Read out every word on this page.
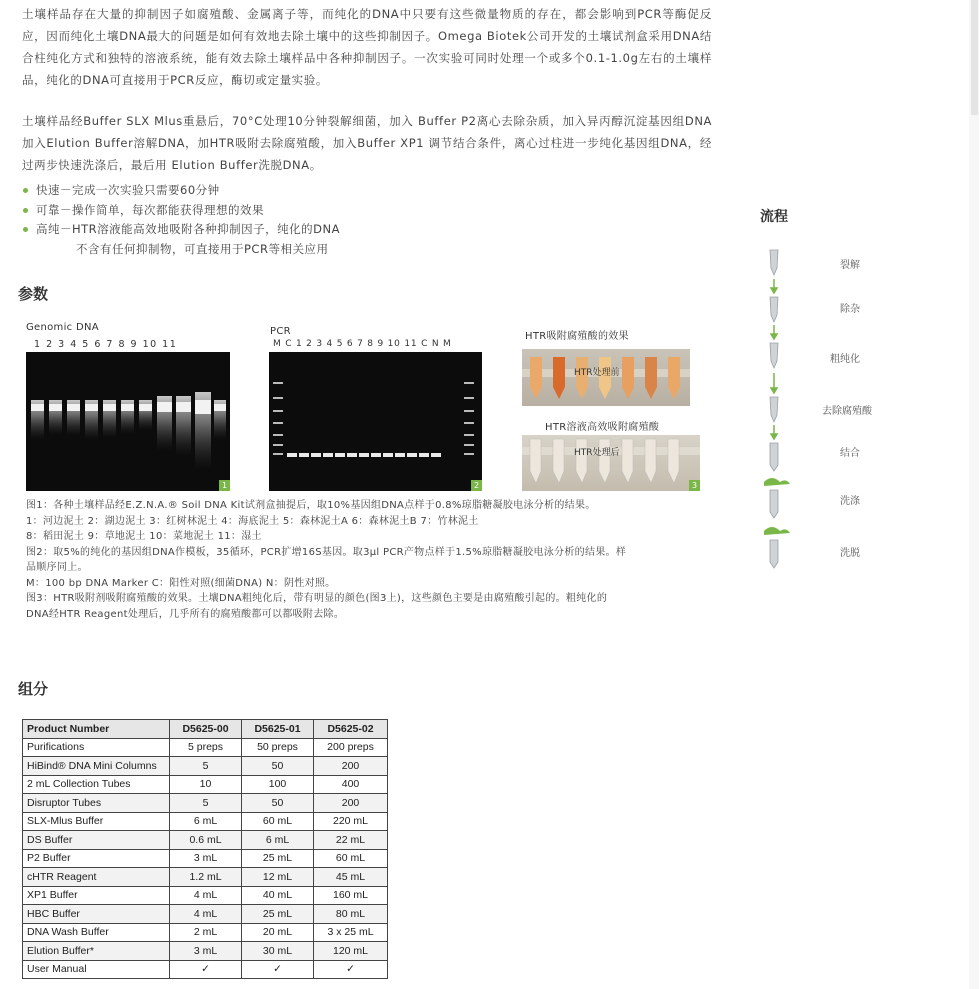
土壤样品存在大量的抑制因子如腐殖酸、金属离子等，而纯化的DNA中只要有这些微量物质的存在，都会影响到PCR等酶促反应，因而纯化土壤DNA最大的问题是如何有效地去除土壤中的这些抑制因子。Omega Biotek公司开发的土壤试剂盒采用DNA结合柱纯化方式和独特的溶液系统，能有效去除土壤样品中各种抑制因子。一次实验可同时处理一个或多个0.1-1.0g左右的土壤样品，纯化的DNA可直接用于PCR反应，酶切或定量实验。

土壤样品经Buffer SLX Mlus重悬后，70°C处理10分钟裂解细菌，加入 Buffer P2离心去除杂质，加入异丙醇沉淀基因组DNA加入Elution Buffer溶解DNA，加HTR吸附去除腐殖酸，加入Buffer XP1 调节结合条件，离心过柱进一步纯化基因组DNA，经过两步快速洗涤后，最后用 Elution Buffer洗脱DNA。

快速－完成一次实验只需要60分钟
可靠－操作简单，每次都能获得理想的效果
高纯－HTR溶液能高效地吸附各种抑制因子，纯化的DNA
不含有任何抑制物，可直接用于PCR等相关应用
参数
Genomic DNA
1 2 3 4 5 6 7 8 9 10 11
1
PCR
M C 1 2 3 4 5 6 7 8 9 10 11 C N M
2
HTR吸附腐殖酸的效果
HTR处理前
HTR溶液高效吸附腐殖酸
HTR处理后
3
图1：各种土壤样品经E.Z.N.A.® Soil DNA Kit试剂盒抽提后，取10%基因组DNA点样于0.8%琼脂糖凝胶电泳分析的结果。
1：河边泥土 2：湖边泥土 3：红树林泥土 4：海底泥土 5：森林泥土A 6：森林泥土B 7：竹林泥土
8：稻田泥土 9：草地泥土 10：菜地泥土 11：湿土
图2：取5%的纯化的基因组DNA作模板，35循环，PCR扩增16S基因。取3μl PCR产物点样于1.5%琼脂糖凝胶电泳分析的结果。样
品顺序同上。
M：100 bp DNA Marker C：阳性对照(细菌DNA) N：阴性对照。
图3：HTR吸附剂吸附腐殖酸的效果。土壤DNA粗纯化后，带有明显的颜色(图3上)，这些颜色主要是由腐殖酸引起的。粗纯化的
DNA经HTR Reagent处理后，几乎所有的腐殖酸都可以都吸附去除。
组分
Product Number	D5625-00	D5625-01	D5625-02
Purifications	5 preps	50 preps	200 preps
HiBind® DNA Mini Columns	5	50	200
2 mL Collection Tubes	10	100	400
Disruptor Tubes	5	50	200
SLX-Mlus Buffer	6 mL	60 mL	220 mL
DS Buffer	0.6 mL	6 mL	22 mL
P2 Buffer	3 mL	25 mL	60 mL
cHTR Reagent	1.2 mL	12 mL	45 mL
XP1 Buffer	4 mL	40 mL	160 mL
HBC Buffer	4 mL	25 mL	80 mL
DNA Wash Buffer	2 mL	20 mL	3 x 25 mL
Elution Buffer*	3 mL	30 mL	120 mL
User Manual	✓	✓	✓
流程
裂解
除杂
粗纯化
去除腐殖酸
结合
洗涤
洗脱
